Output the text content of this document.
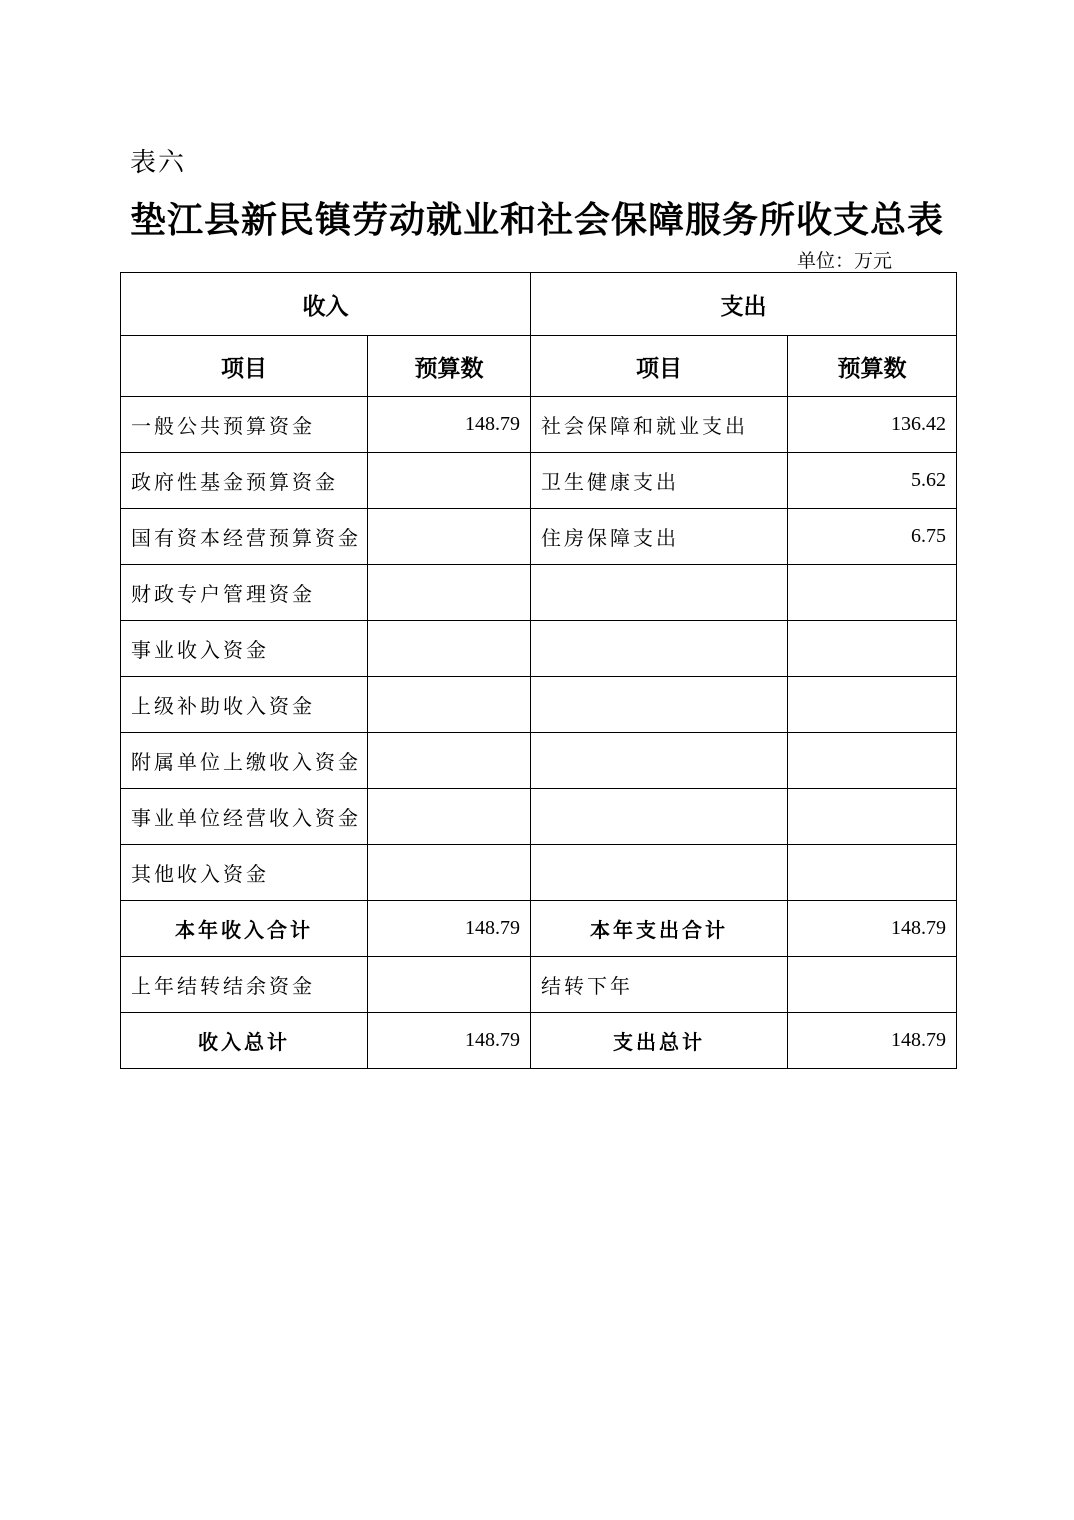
表六
垫江县新民镇劳动就业和社会保障服务所收支总表
单位：万元
收入		支出	
项目	预算数	项目	预算数
一般公共预算资金	148.79	社会保障和就业支出	136.42
政府性基金预算资金		卫生健康支出	5.62
国有资本经营预算资金		住房保障支出	6.75
财政专户管理资金			
事业收入资金			
上级补助收入资金			
附属单位上缴收入资金			
事业单位经营收入资金			
其他收入资金			
本年收入合计	148.79	本年支出合计	148.79
上年结转结余资金		结转下年	
收入总计	148.79	支出总计	148.79
